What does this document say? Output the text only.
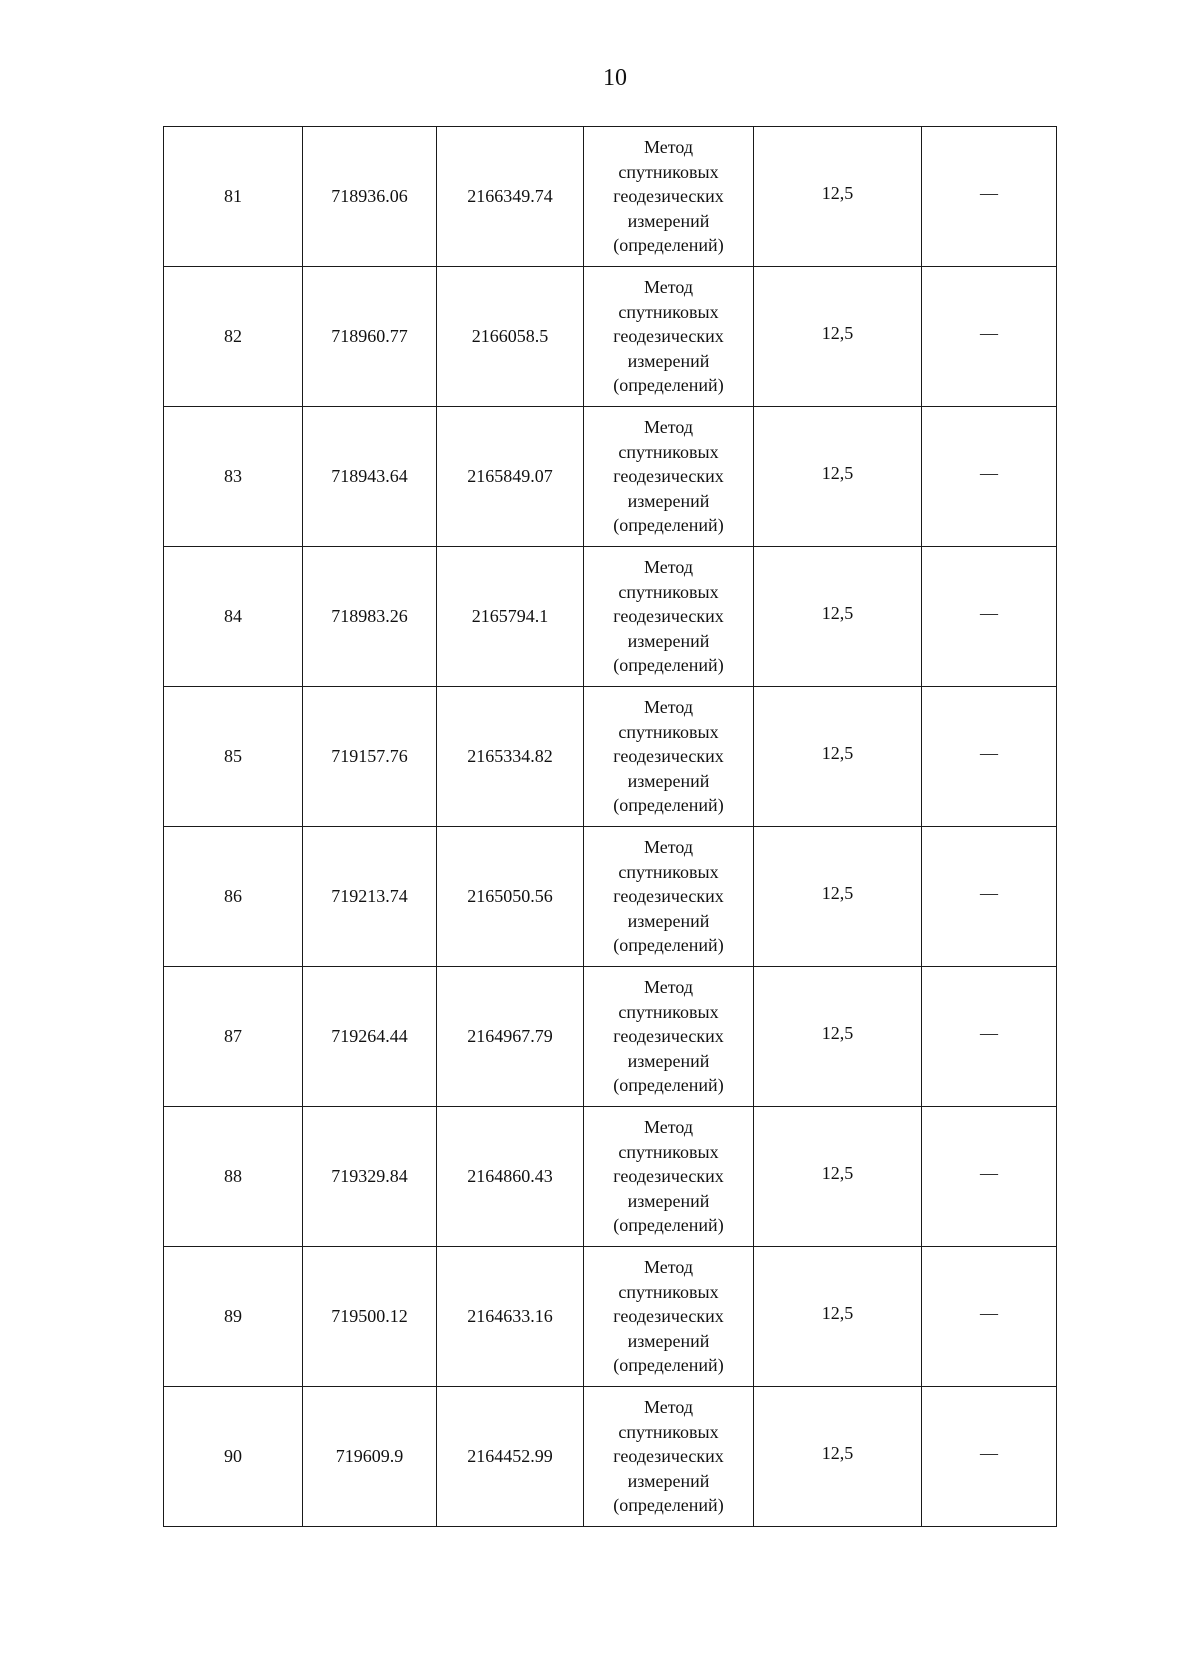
10
81	718936.06	2166349.74	Метод
спутниковых
геодезических
измерений
(определений)	12,5	—
82	718960.77	2166058.5	Метод
спутниковых
геодезических
измерений
(определений)	12,5	—
83	718943.64	2165849.07	Метод
спутниковых
геодезических
измерений
(определений)	12,5	—
84	718983.26	2165794.1	Метод
спутниковых
геодезических
измерений
(определений)	12,5	—
85	719157.76	2165334.82	Метод
спутниковых
геодезических
измерений
(определений)	12,5	—
86	719213.74	2165050.56	Метод
спутниковых
геодезических
измерений
(определений)	12,5	—
87	719264.44	2164967.79	Метод
спутниковых
геодезических
измерений
(определений)	12,5	—
88	719329.84	2164860.43	Метод
спутниковых
геодезических
измерений
(определений)	12,5	—
89	719500.12	2164633.16	Метод
спутниковых
геодезических
измерений
(определений)	12,5	—
90	719609.9	2164452.99	Метод
спутниковых
геодезических
измерений
(определений)	12,5	—
